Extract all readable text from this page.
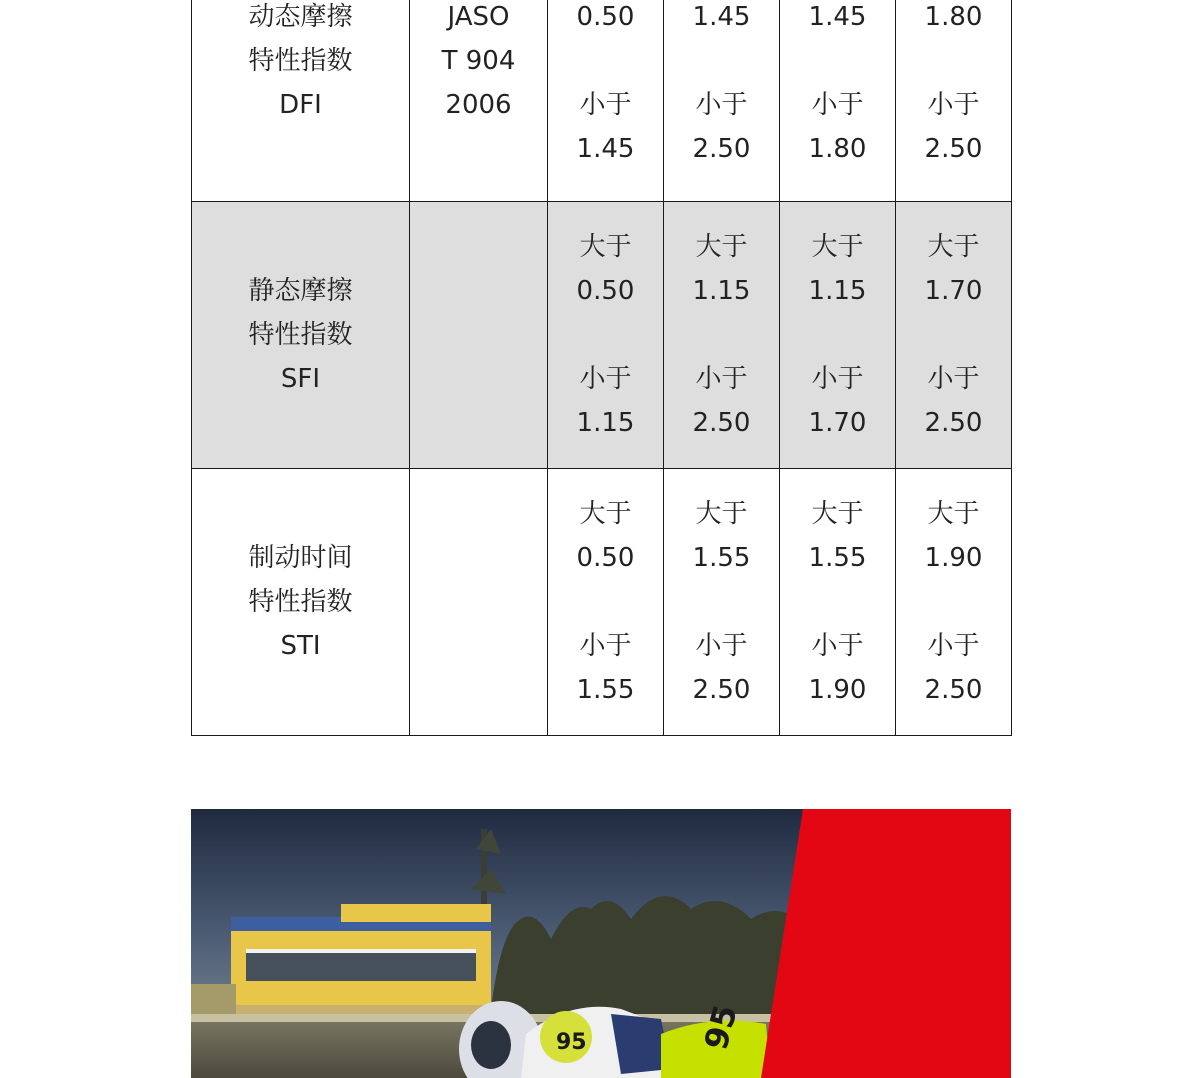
动态摩擦
特性指数
DFI	JASO
T 904
2006	0.50
小于
1.45	1.45
小于
2.50	1.45
小于
1.80	1.80
小于
2.50

静态摩擦
特性指数
SFI		大于
0.50
小于
1.15	大于
1.15
小于
2.50	大于
1.15
小于
1.70	大于
1.70
小于
2.50

制动时间
特性指数
STI		大于
0.50
小于
1.55	大于
1.55
小于
2.50	大于
1.55
小于
1.90	大于
1.90
小于
2.50
95
95
